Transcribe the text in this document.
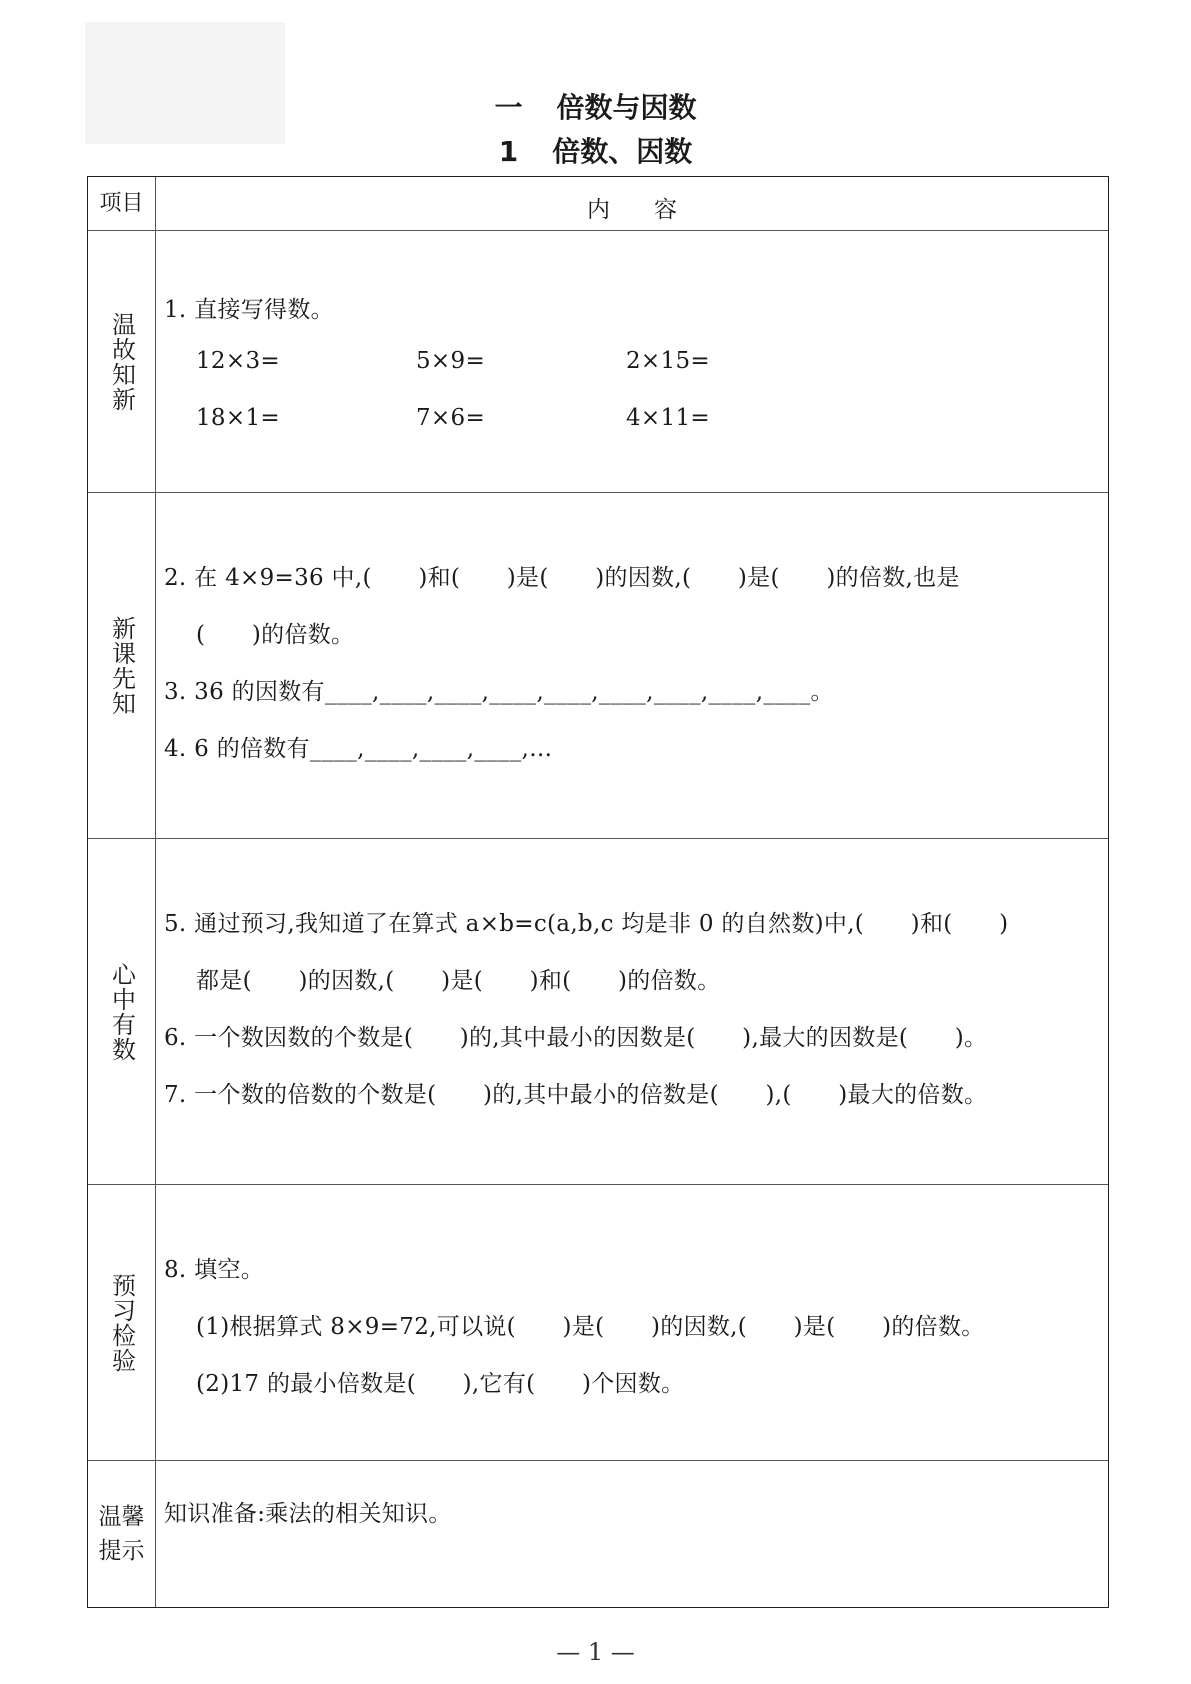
一 倍数与因数
1 倍数、因数
项目	内容
温故知新
1. 直接写得数。
12×3=	5×9=	2×15=
18×1=	7×6=	4×11=
新课先知
2. 在 4×9=36 中,(　　)和(　　)是(　　)的因数,(　　)是(　　)的倍数,也是
(　　)的倍数。
3. 36 的因数有____,____,____,____,____,____,____,____,____。
4. 6 的倍数有____,____,____,____,…
心中有数
5. 通过预习,我知道了在算式 a×b=c(a,b,c 均是非 0 的自然数)中,(　　)和(　　)
都是(　　)的因数,(　　)是(　　)和(　　)的倍数。
6. 一个数因数的个数是(　　)的,其中最小的因数是(　　),最大的因数是(　　)。
7. 一个数的倍数的个数是(　　)的,其中最小的倍数是(　　),(　　)最大的倍数。
预习检验
8. 填空。
(1)根据算式 8×9=72,可以说(　　)是(　　)的因数,(　　)是(　　)的倍数。
(2)17 的最小倍数是(　　),它有(　　)个因数。
温馨提示
知识准备:乘法的相关知识。
— 1 —
